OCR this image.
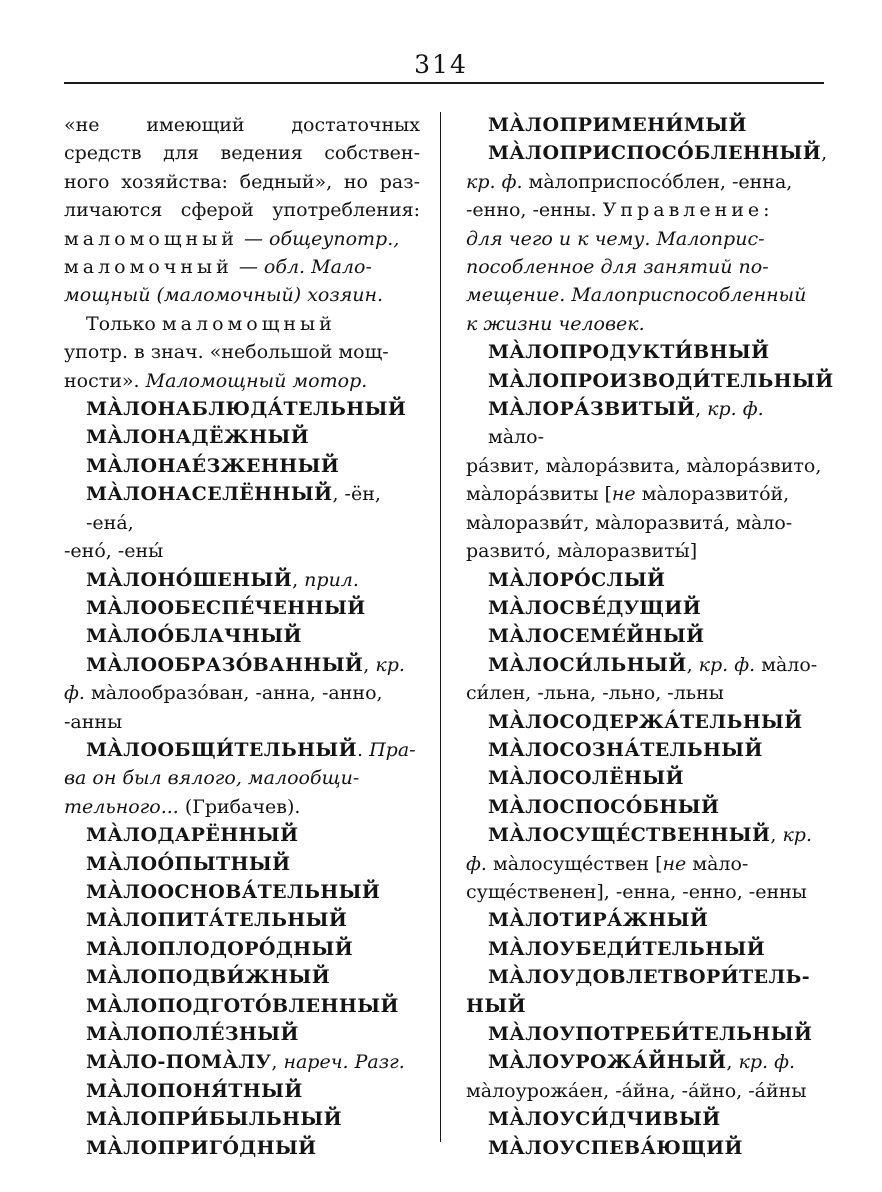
314

«не имеющий достаточных

средств для ведения собствен-

ного хозяйства: бедный», но раз-

личаются сферой употребления:

маломощный — общеупотр.,

маломочный — обл. Мало-

мощный (маломочный) хозяин.

Только маломощный

употр. в знач. «небольшой мощ-

ности». Маломощный мотор.

МА̀ЛОНАБЛЮДА́ТЕЛЬНЫЙ

МА̀ЛОНАДЁЖНЫЙ

МА̀ЛОНАЕ́ЗЖЕННЫЙ

МА̀ЛОНАСЕЛЁННЫЙ, -ён, -ена́,

-ено́, -ены́

МА̀ЛОНО́ШЕНЫЙ, прил.

МА̀ЛООБЕСПЕ́ЧЕННЫЙ

МА̀ЛОО́БЛАЧНЫЙ

МА̀ЛООБРАЗО́ВАННЫЙ, кр.

ф. ма̀лообразо́ван, -анна, -анно,

-анны

МА̀ЛООБЩИ́ТЕЛЬНЫЙ. Пра-

ва он был вялого, малообщи-

тельного... (Грибачев).

МА̀ЛОДАРЁННЫЙ

МА̀ЛОО́ПЫТНЫЙ

МА̀ЛООСНОВА́ТЕЛЬНЫЙ

МА̀ЛОПИТА́ТЕЛЬНЫЙ

МА̀ЛОПЛОДОРО́ДНЫЙ

МА̀ЛОПОДВИ́ЖНЫЙ

МА̀ЛОПОДГОТО́ВЛЕННЫЙ

МА̀ЛОПОЛЕ́ЗНЫЙ

МА̀ЛО-ПОМА̀ЛУ, нареч. Разг.

МА̀ЛОПОНЯ́ТНЫЙ

МА̀ЛОПРИ́БЫЛЬНЫЙ

МА̀ЛОПРИГО́ДНЫЙ

МА̀ЛОПРИМЕНИ́МЫЙ

МА̀ЛОПРИСПОСО́БЛЕННЫЙ,

кр. ф. ма̀лоприспосо́блен, -енна,

-енно, -енны. Управление:

для чего и к чему. Малоприс-

пособленное для занятий по-

мещение. Малоприспособленный

к жизни человек.

МА̀ЛОПРОДУКТИ́ВНЫЙ

МА̀ЛОПРОИЗВОДИ́ТЕЛЬНЫЙ

МА̀ЛОРА́ЗВИТЫЙ, кр. ф. ма̀ло-

ра́звит, ма̀лора́звита, ма̀лора́звито,

ма̀лора́звиты [не ма̀лоразвито́й,

ма̀лоразви́т, ма̀лоразвита́, ма̀ло-

развито́, ма̀лоразвиты́]

МА̀ЛОРО́СЛЫЙ

МА̀ЛОСВЕ́ДУЩИЙ

МА̀ЛОСЕМЕ́ЙНЫЙ

МА̀ЛОСИ́ЛЬНЫЙ, кр. ф. ма̀ло-

си́лен, -льна, -льно, -льны

МА̀ЛОСОДЕРЖА́ТЕЛЬНЫЙ

МА̀ЛОСОЗНА́ТЕЛЬНЫЙ

МА̀ЛОСОЛЁНЫЙ

МА̀ЛОСПОСО́БНЫЙ

МА̀ЛОСУЩЕ́СТВЕННЫЙ, кр.

ф. ма̀лосуще́ствен [не ма̀ло-

суще́ственен], -енна, -енно, -енны

МА̀ЛОТИРА́ЖНЫЙ

МА̀ЛОУБЕДИ́ТЕЛЬНЫЙ

МА̀ЛОУДОВЛЕТВОРИ́ТЕЛЬ-

НЫЙ

МА̀ЛОУПОТРЕБИ́ТЕЛЬНЫЙ

МА̀ЛОУРОЖА́ЙНЫЙ, кр. ф.

ма̀лоурожа́ен, -а́йна, -а́йно, -а́йны

МА̀ЛОУСИ́ДЧИВЫЙ

МА̀ЛОУСПЕВА́ЮЩИЙ
